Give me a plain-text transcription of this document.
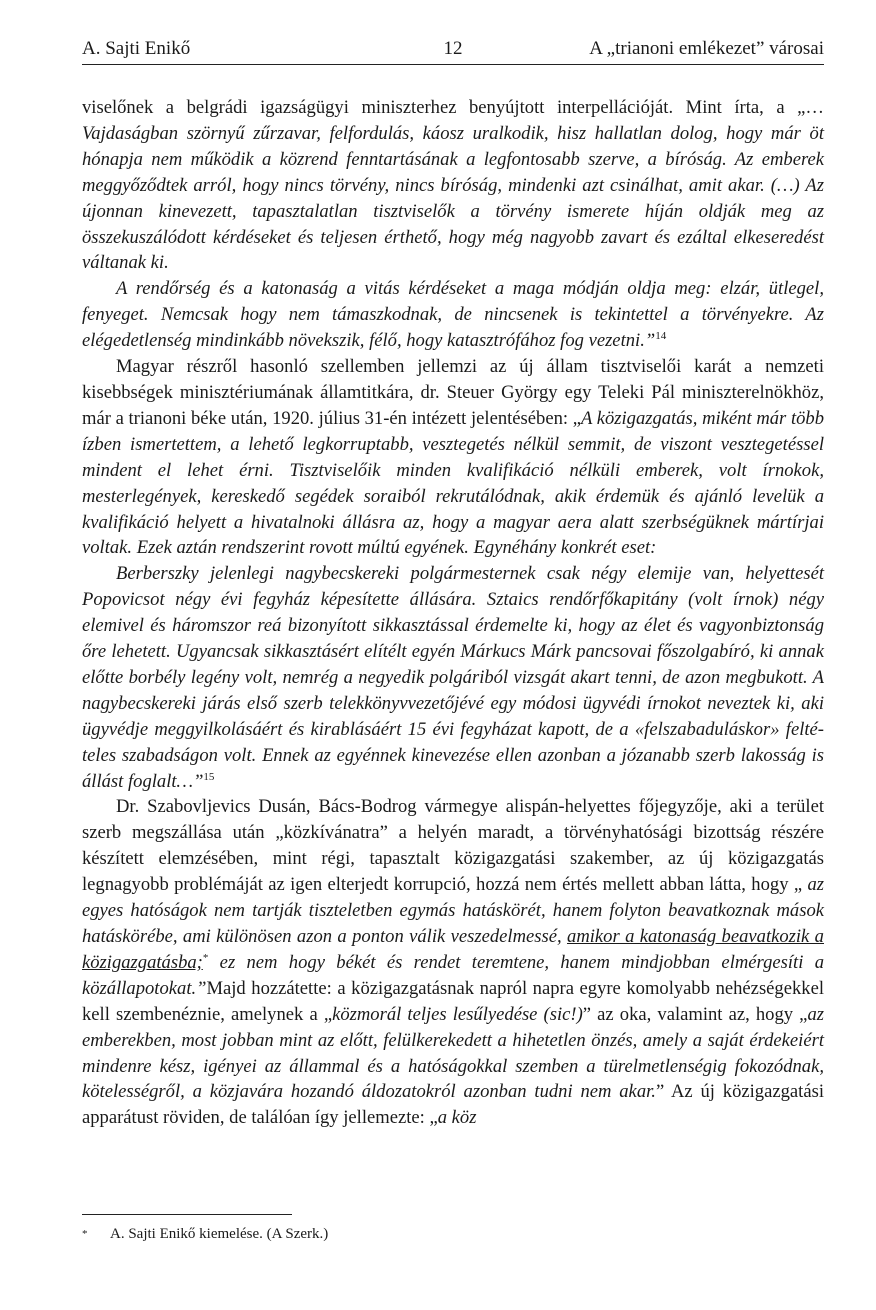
A. Sajti Enikő	12	A „trianoni emlékezet” városai

viselőnek a belgrádi igazságügyi miniszterhez benyújtott interpellációját. Mint írta, a „… Vajdaságban szörnyű zűrzavar, felfordulás, káosz uralkodik, hisz hallatlan dolog, hogy már öt hónapja nem működik a közrend fenntartásának a legfontosabb szerve, a bíróság. Az emberek meggyőződtek arról, hogy nincs törvény, nincs bíróság, mindenki azt csinálhat, amit akar. (…) Az újonnan kinevezett, tapasztalatlan tisztviselők a törvény ismerete híján oldják meg az összekuszálódott kérdéseket és teljesen érthető, hogy még nagyobb zavart és ezáltal elkeseredést váltanak ki.

A rendőrség és a katonaság a vitás kérdéseket a maga módján oldja meg: elzár, ütlegel, fenyeget. Nemcsak hogy nem támaszkodnak, de nincsenek is tekintettel a törvényekre. Az elégedetlenség mindinkább növekszik, félő, hogy katasztrófához fog vezetni.”$^{14}$

Magyar részről hasonló szellemben jellemzi az új állam tisztviselői karát a nemzeti kisebbségek minisztériumának államtitkára, dr. Steuer György egy Teleki Pál miniszterelnökhöz, már a trianoni béke után, 1920. július 31-én intézett jelentésében: „A közigazgatás, miként már több ízben ismertettem, a lehető legkorruptabb, vesztegetés nélkül semmit, de viszont vesztegetéssel mindent el lehet érni. Tisztviselőik minden kvalifikáció nélküli emberek, volt írnokok, mesterlegények, kereskedő segédek soraiból rekrutálódnak, akik érdemük és ajánló levelük a kvalifikáció helyett a hivatalnoki állásra az, hogy a magyar aera alatt szerbségüknek mártírjai voltak. Ezek aztán rendszerint rovott múltú egyének. Egynéhány konkrét eset:

Berberszky jelenlegi nagybecskereki polgármesternek csak négy elemije van, helyettesét Popovicsot négy évi fegyház képesítette állására. Sztaics rendőrfőkapitány (volt írnok) négy elemivel és háromszor reá bizonyított sikkasztással érdemelte ki, hogy az élet és vagyonbiztonság őre lehetett. Ugyancsak sikkasztásért elítélt egyén Márkucs Márk pancsovai főszolgabíró, ki annak előtte borbély legény volt, nemrég a negyedik polgáriból vizsgát akart tenni, de azon megbukott. A nagybecskereki járás első szerb telekkönyvvezetőjévé egy módosi ügyvédi írnokot neveztek ki, aki ügyvédje meggyilkolásáért és kirablásáért 15 évi fegyházat kapott, de a «felszabaduláskor» feltételes szabadságon volt. Ennek az egyénnek kinevezése ellen azonban a józanabb szerb lakosság is állást foglalt…”$^{15}$

Dr. Szabovljevics Dusán, Bács-Bodrog vármegye alispán-helyettes főjegyzője, aki a terület szerb megszállása után „közkívánatra” a helyén maradt, a törvényhatósági bizottság részére készített elemzésében, mint régi, tapasztalt közigazgatási szakember, az új közigazgatás legnagyobb problémáját az igen elterjedt korrupció, hozzá nem értés mellett abban látta, hogy „ az egyes hatóságok nem tartják tiszteletben egymás hatáskörét, hanem folyton beavatkoznak mások hatáskörébe, ami különösen azon a ponton válik veszedelmessé, amikor a katonaság beavatkozik a közigazgatásba;* ez nem hogy békét és rendet teremtene, hanem mindjobban elmérgesíti a közállapotokat.”Majd hozzátette: a közigazgatásnak napról napra egyre komolyabb nehézségekkel kell szembenéznie, amelynek a „közmorál teljes lesűlyedése (sic!)” az oka, valamint az, hogy „az emberekben, most jobban mint az előtt, felülkerekedett a hihetetlen önzés, amely a saját érdekeiért mindenre kész, igényei az állammal és a hatóságokkal szemben a türelmetlenségig fokozódnak, kötelességről, a közjavára hozandó áldozatokról azonban tudni nem akar.” Az új közigazgatási apparátust röviden, de találóan így jellemezte: „a köz

* A. Sajti Enikő kiemelése. (A Szerk.)
